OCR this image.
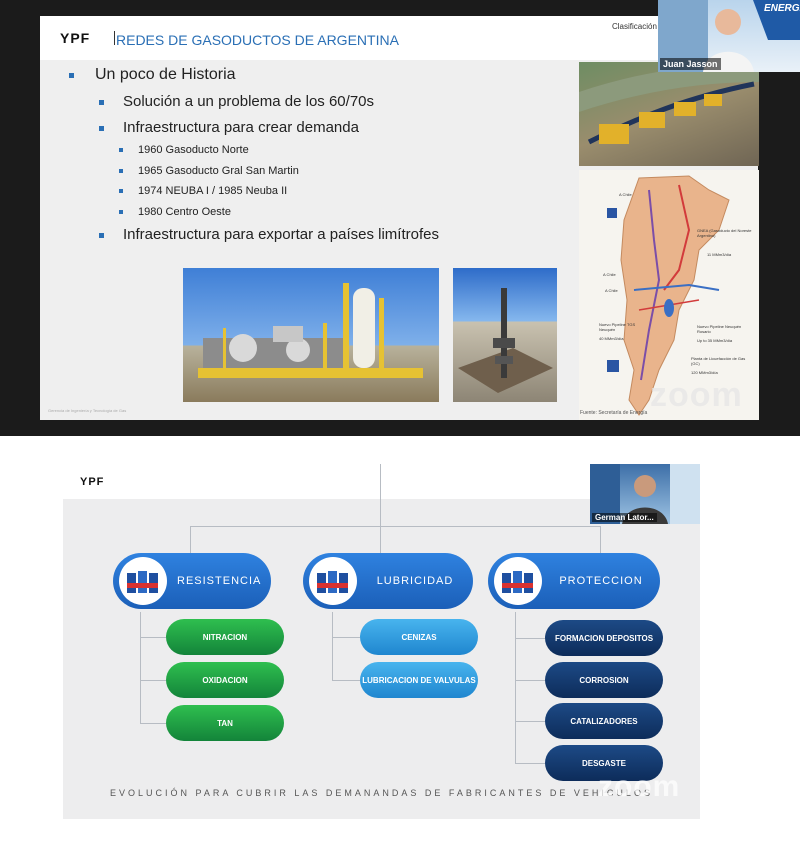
YPF REDES DE GASODUCTOS DE ARGENTINA
Clasificación
Un poco de Historia
Solución a un problema de los 60/70s
Infraestructura para crear demanda
1960 Gasoducto Norte
1965 Gasoducto Gral San Martin
1974 NEUBA I / 1985 Neuba II
1980 Centro Oeste
Infraestructura para exportar a países limítrofes
A Chile
GNEA (Gasoducto del Noreste Argentino)
11 MMm3/día
A Chile
A Chile
Nuevo Pipeline TGS Neuquén
40 MMm3/día
Nuevo Pipeline Neuquén Rosario
Up to 35 MMm3/día
Planta de Licuefacción de Gas (GC)
120 MMm3/día
Fuente: Secretaría de Energía
Gerencia de Ingeniería y Tecnología de Gas
ENERGÍA
Juan Jasson
zoom
YPF
RESISTENCIA	LUBRICIDAD	PROTECCION
NITRACION
OXIDACION
TAN
CENIZAS
LUBRICACION DE VALVULAS
FORMACION DEPOSITOS
CORROSION
CATALIZADORES
DESGASTE
EVOLUCIÓN PARA CUBRIR LAS DEMANANDAS DE FABRICANTES DE VEHICULOS
zoom
German Lator...
